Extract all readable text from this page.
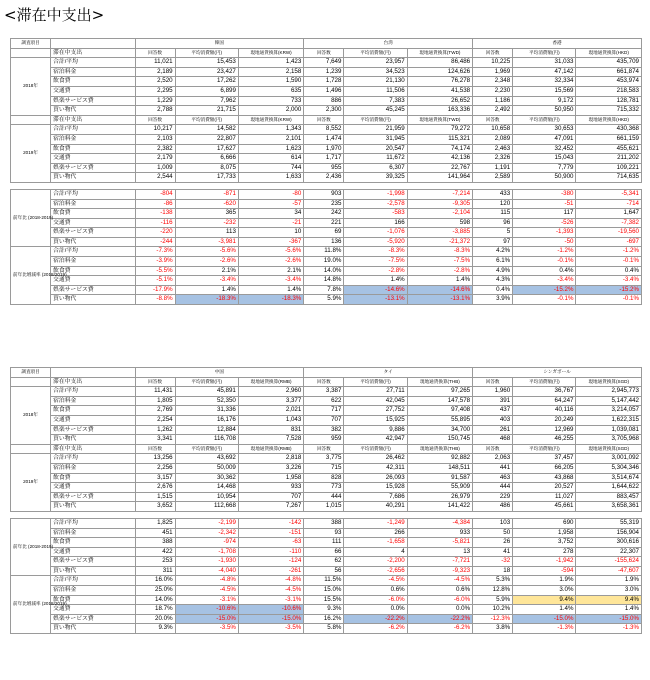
<滞在中支出>
調査項目		韓国			台湾			香港		
	滞在中支出	回答数	平均消費額(円)	現地通貨換算(KRW)	回答数	平均消費額(円)	現地通貨換算(TWD)	回答数	平均消費額(円)	現地通貨換算(HKD)
2018年	合計/平均	11,021	15,453	1,423	7,649	23,957	86,486	10,225	31,033	435,709
	宿泊料金	2,189	23,427	2,158	1,239	34,523	124,626	1,969	47,142	661,874
	飲食費	2,520	17,262	1,590	1,728	21,130	76,278	2,348	32,334	453,974
	交通費	2,295	6,899	635	1,496	11,506	41,538	2,230	15,569	218,583
	娯楽サービス費	1,229	7,962	733	886	7,383	26,652	1,186	9,172	128,781
	買い物代	2,788	21,715	2,000	2,300	45,245	163,336	2,492	50,950	715,332
	滞在中支出	回答数	平均消費額(円)	現地通貨換算(KRW)	回答数	平均消費額(円)	現地通貨換算(TWD)	回答数	平均消費額(円)	現地通貨換算(HKD)
2019年	合計/平均	10,217	14,582	1,343	8,552	21,959	79,272	10,658	30,653	430,368
	宿泊料金	2,103	22,807	2,101	1,474	31,945	115,321	2,089	47,091	661,159
	飲食費	2,382	17,627	1,623	1,970	20,547	74,174	2,463	32,452	455,621
	交通費	2,179	6,666	614	1,717	11,672	42,136	2,326	15,043	211,202
	娯楽サービス費	1,009	8,075	744	955	6,307	22,767	1,191	7,779	109,221
	買い物代	2,544	17,733	1,633	2,436	39,325	141,964	2,589	50,900	714,635

前年比 (2018-2019)	合計/平均	-804	-871	-80	903	-1,998	-7,214	433	-380	-5,341
	宿泊料金	-86	-620	-57	235	-2,578	-9,305	120	-51	-714
	飲食費	-138	365	34	242	-583	-2,104	115	117	1,647
	交通費	-116	-232	-21	221	166	598	96	-526	-7,382
	娯楽サービス費	-220	113	10	69	-1,076	-3,885	5	-1,393	-19,560
	買い物代	-244	-3,981	-367	136	-5,920	-21,372	97	-50	-697
前年比増減率 (2018/2019)	合計/平均	-7.3%	-5.6%	-5.6%	11.8%	-8.3%	-8.3%	4.2%	-1.2%	-1.2%
	宿泊料金	-3.9%	-2.6%	-2.6%	19.0%	-7.5%	-7.5%	6.1%	-0.1%	-0.1%
	飲食費	-5.5%	2.1%	2.1%	14.0%	-2.8%	-2.8%	4.9%	0.4%	0.4%
	交通費	-5.1%	-3.4%	-3.4%	14.8%	1.4%	1.4%	4.3%	-3.4%	-3.4%
	娯楽サービス費	-17.9%	1.4%	1.4%	7.8%	-14.6%	-14.6%	0.4%	-15.2%	-15.2%
	買い物代	-8.8%	-18.3%	-18.3%	5.9%	-13.1%	-13.1%	3.9%	-0.1%	-0.1%
調査項目		中国			タイ			シンガポール		
	滞在中支出	回答数	平均消費額(円)	現地通貨換算(RMB)	回答数	平均消費額(円)	現地通貨換算(THB)	回答数	平均消費額(円)	現地通貨換算(SGD)
2018年	合計/平均	11,431	45,891	2,960	3,387	27,711	97,265	1,960	36,767	2,945,773
	宿泊料金	1,805	52,350	3,377	622	42,045	147,578	391	64,247	5,147,442
	飲食費	2,769	31,336	2,021	717	27,752	97,408	437	40,116	3,214,057
	交通費	2,254	16,176	1,043	707	15,925	55,895	403	20,249	1,622,315
	娯楽サービス費	1,262	12,884	831	382	9,886	34,700	261	12,969	1,039,081
	買い物代	3,341	116,708	7,528	959	42,947	150,745	468	46,255	3,705,968
	滞在中支出	回答数	平均消費額(円)	現地通貨換算(RMB)	回答数	平均消費額(円)	現地通貨換算(THB)	回答数	平均消費額(円)	現地通貨換算(SGD)
2019年	合計/平均	13,256	43,692	2,818	3,775	26,462	92,882	2,063	37,457	3,001,092
	宿泊料金	2,256	50,009	3,226	715	42,311	148,511	441	66,205	5,304,346
	飲食費	3,157	30,362	1,958	828	26,093	91,587	463	43,868	3,514,674
	交通費	2,676	14,468	933	773	15,928	55,909	444	20,527	1,644,622
	娯楽サービス費	1,515	10,954	707	444	7,686	26,979	229	11,027	883,457
	買い物代	3,652	112,668	7,267	1,015	40,291	141,422	486	45,661	3,658,361

前年比 (2018-2019)	合計/平均	1,825	-2,199	-142	388	-1,249	-4,384	103	690	55,319
	宿泊料金	451	-2,342	-151	93	266	933	50	1,958	156,904
	飲食費	388	-974	-63	111	-1,658	-5,821	26	3,752	300,616
	交通費	422	-1,708	-110	66	4	13	41	278	22,307
	娯楽サービス費	253	-1,930	-124	62	-2,200	-7,721	-32	-1,942	-155,624
	買い物代	311	-4,040	-261	56	-2,656	-9,323	18	-594	-47,607
前年比増減率 (2018/2019)	合計/平均	16.0%	-4.8%	-4.8%	11.5%	-4.5%	-4.5%	5.3%	1.9%	1.9%
	宿泊料金	25.0%	-4.5%	-4.5%	15.0%	0.6%	0.6%	12.8%	3.0%	3.0%
	飲食費	14.0%	-3.1%	-3.1%	15.5%	-6.0%	-6.0%	5.9%	9.4%	9.4%
	交通費	18.7%	-10.6%	-10.6%	9.3%	0.0%	0.0%	10.2%	1.4%	1.4%
	娯楽サービス費	20.0%	-15.0%	-15.0%	16.2%	-22.2%	-22.2%	-12.3%	-15.0%	-15.0%
	買い物代	9.3%	-3.5%	-3.5%	5.8%	-6.2%	-6.2%	3.8%	-1.3%	-1.3%
